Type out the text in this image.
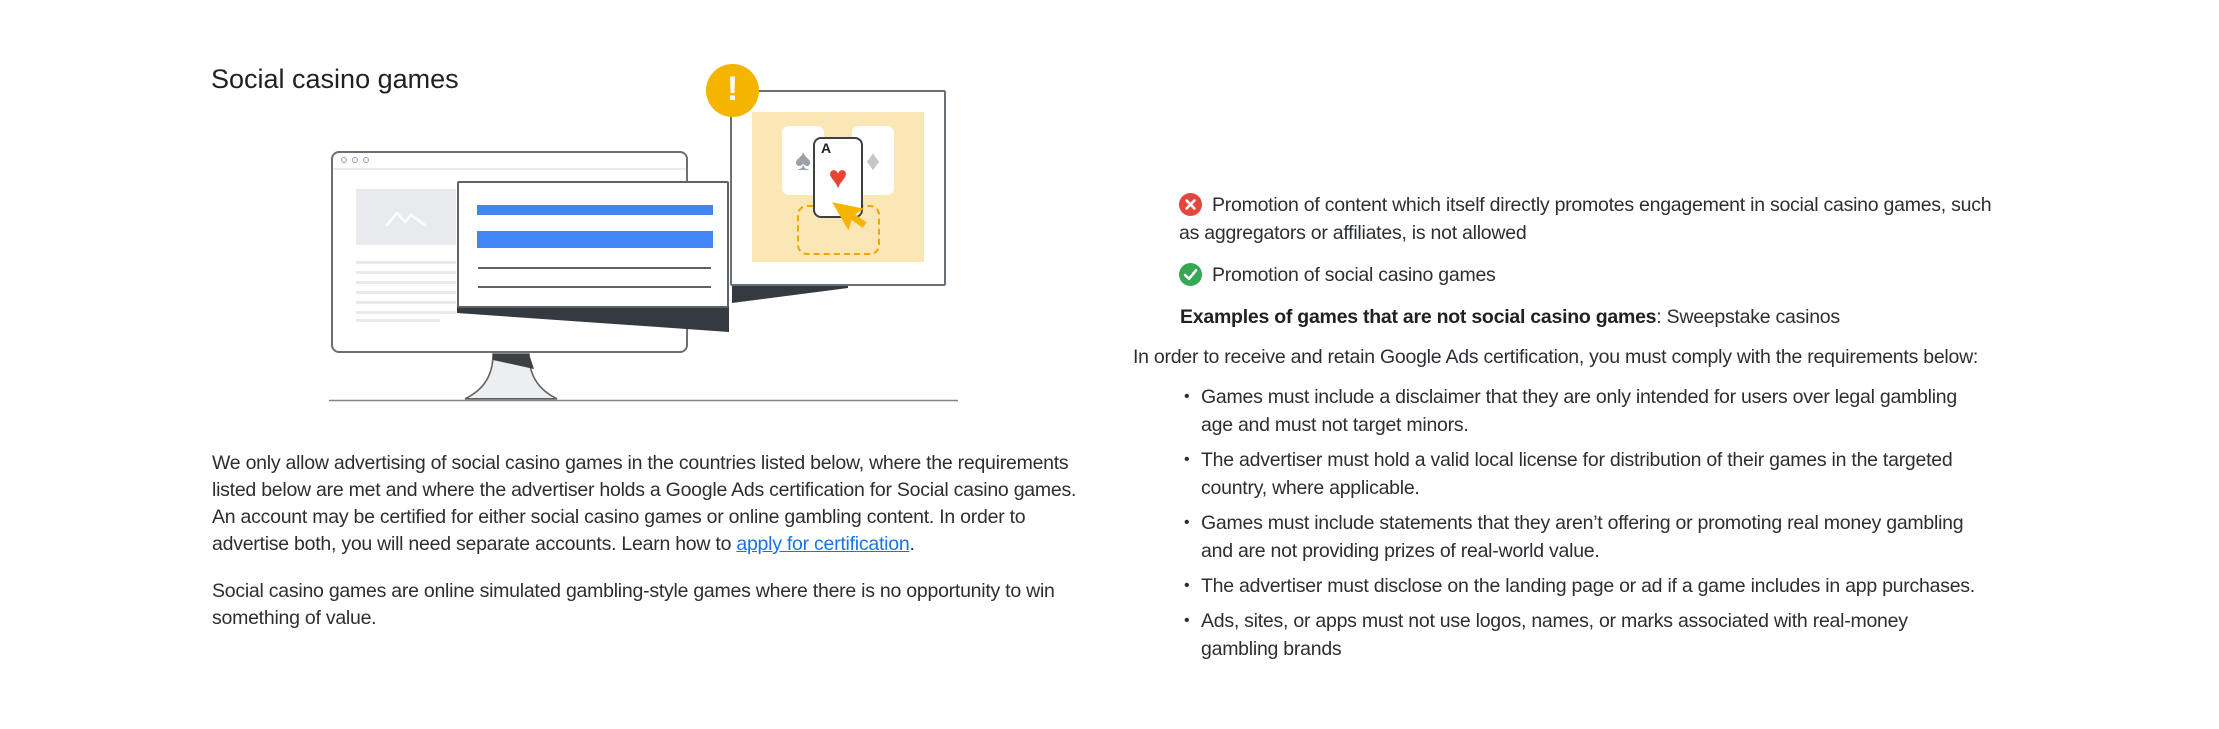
Social casino games
♠ ♦
A
♥
!

We only allow advertising of social casino games in the countries listed below, where the requirements listed below are met and where the advertiser holds a Google Ads certification for Social casino games. An account may be certified for either social casino games or online gambling content. In order to advertise both, you will need separate accounts. Learn how to apply for certification.

Social casino games are online simulated gambling-style games where there is no opportunity to win something of value.

Promotion of content which itself directly promotes engagement in social casino games, such as aggregators or affiliates, is not allowed
Promotion of social casino games

Examples of games that are not social casino games: Sweepstake casinos

In order to receive and retain Google Ads certification, you must comply with the requirements below:

• Games must include a disclaimer that they are only intended for users over legal gambling age and must not target minors.
• The advertiser must hold a valid local license for distribution of their games in the targeted country, where applicable.
• Games must include statements that they aren’t offering or promoting real money gambling and are not providing prizes of real-world value.
• The advertiser must disclose on the landing page or ad if a game includes in app purchases.
• Ads, sites, or apps must not use logos, names, or marks associated with real-money gambling brands
